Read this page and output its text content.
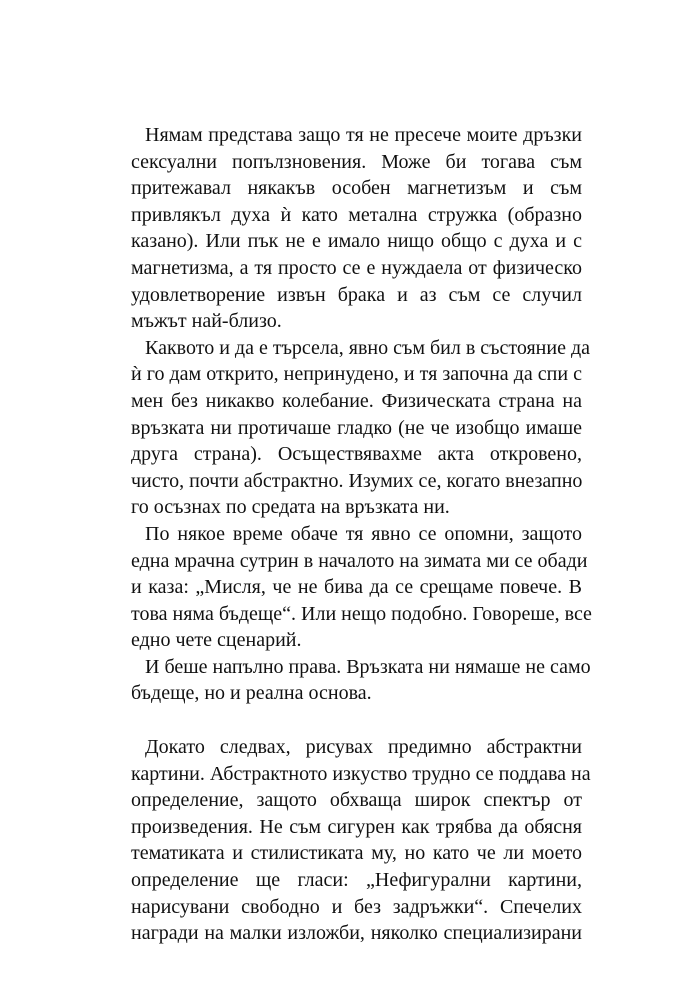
Нямам представа защо тя не пресече моите дръзки
сексуални попълзновения. Може би тогава съм
притежавал някакъв особен магнетизъм и съм
привлякъл духа ѝ като метална стружка (образно
казано). Или пък не е имало нищо общо с духа и с
магнетизма, а тя просто се е нуждаела от физическо
удовлетворение извън брака и аз съм се случил
мъжът най-близо.
Каквото и да е търсела, явно съм бил в състояние да
ѝ го дам открито, непринудено, и тя започна да спи с
мен без никакво колебание. Физическата страна на
връзката ни протичаше гладко (не че изобщо имаше
друга страна). Осъществявахме акта откровено,
чисто, почти абстрактно. Изумих се, когато внезапно
го осъзнах по средата на връзката ни.
По някое време обаче тя явно се опомни, защото
една мрачна сутрин в началото на зимата ми се обади
и каза: „Мисля, че не бива да се срещаме повече. В
това няма бъдеще“. Или нещо подобно. Говореше, все
едно чете сценарий.
И беше напълно права. Връзката ни нямаше не само
бъдеще, но и реална основа.
Докато следвах, рисувах предимно абстрактни
картини. Абстрактното изкуство трудно се поддава на
определение, защото обхваща широк спектър от
произведения. Не съм сигурен как трябва да обясня
тематиката и стилистиката му, но като че ли моето
определение ще гласи: „Нефигурални картини,
нарисувани свободно и без задръжки“. Спечелих
награди на малки изложби, няколко специализирани
